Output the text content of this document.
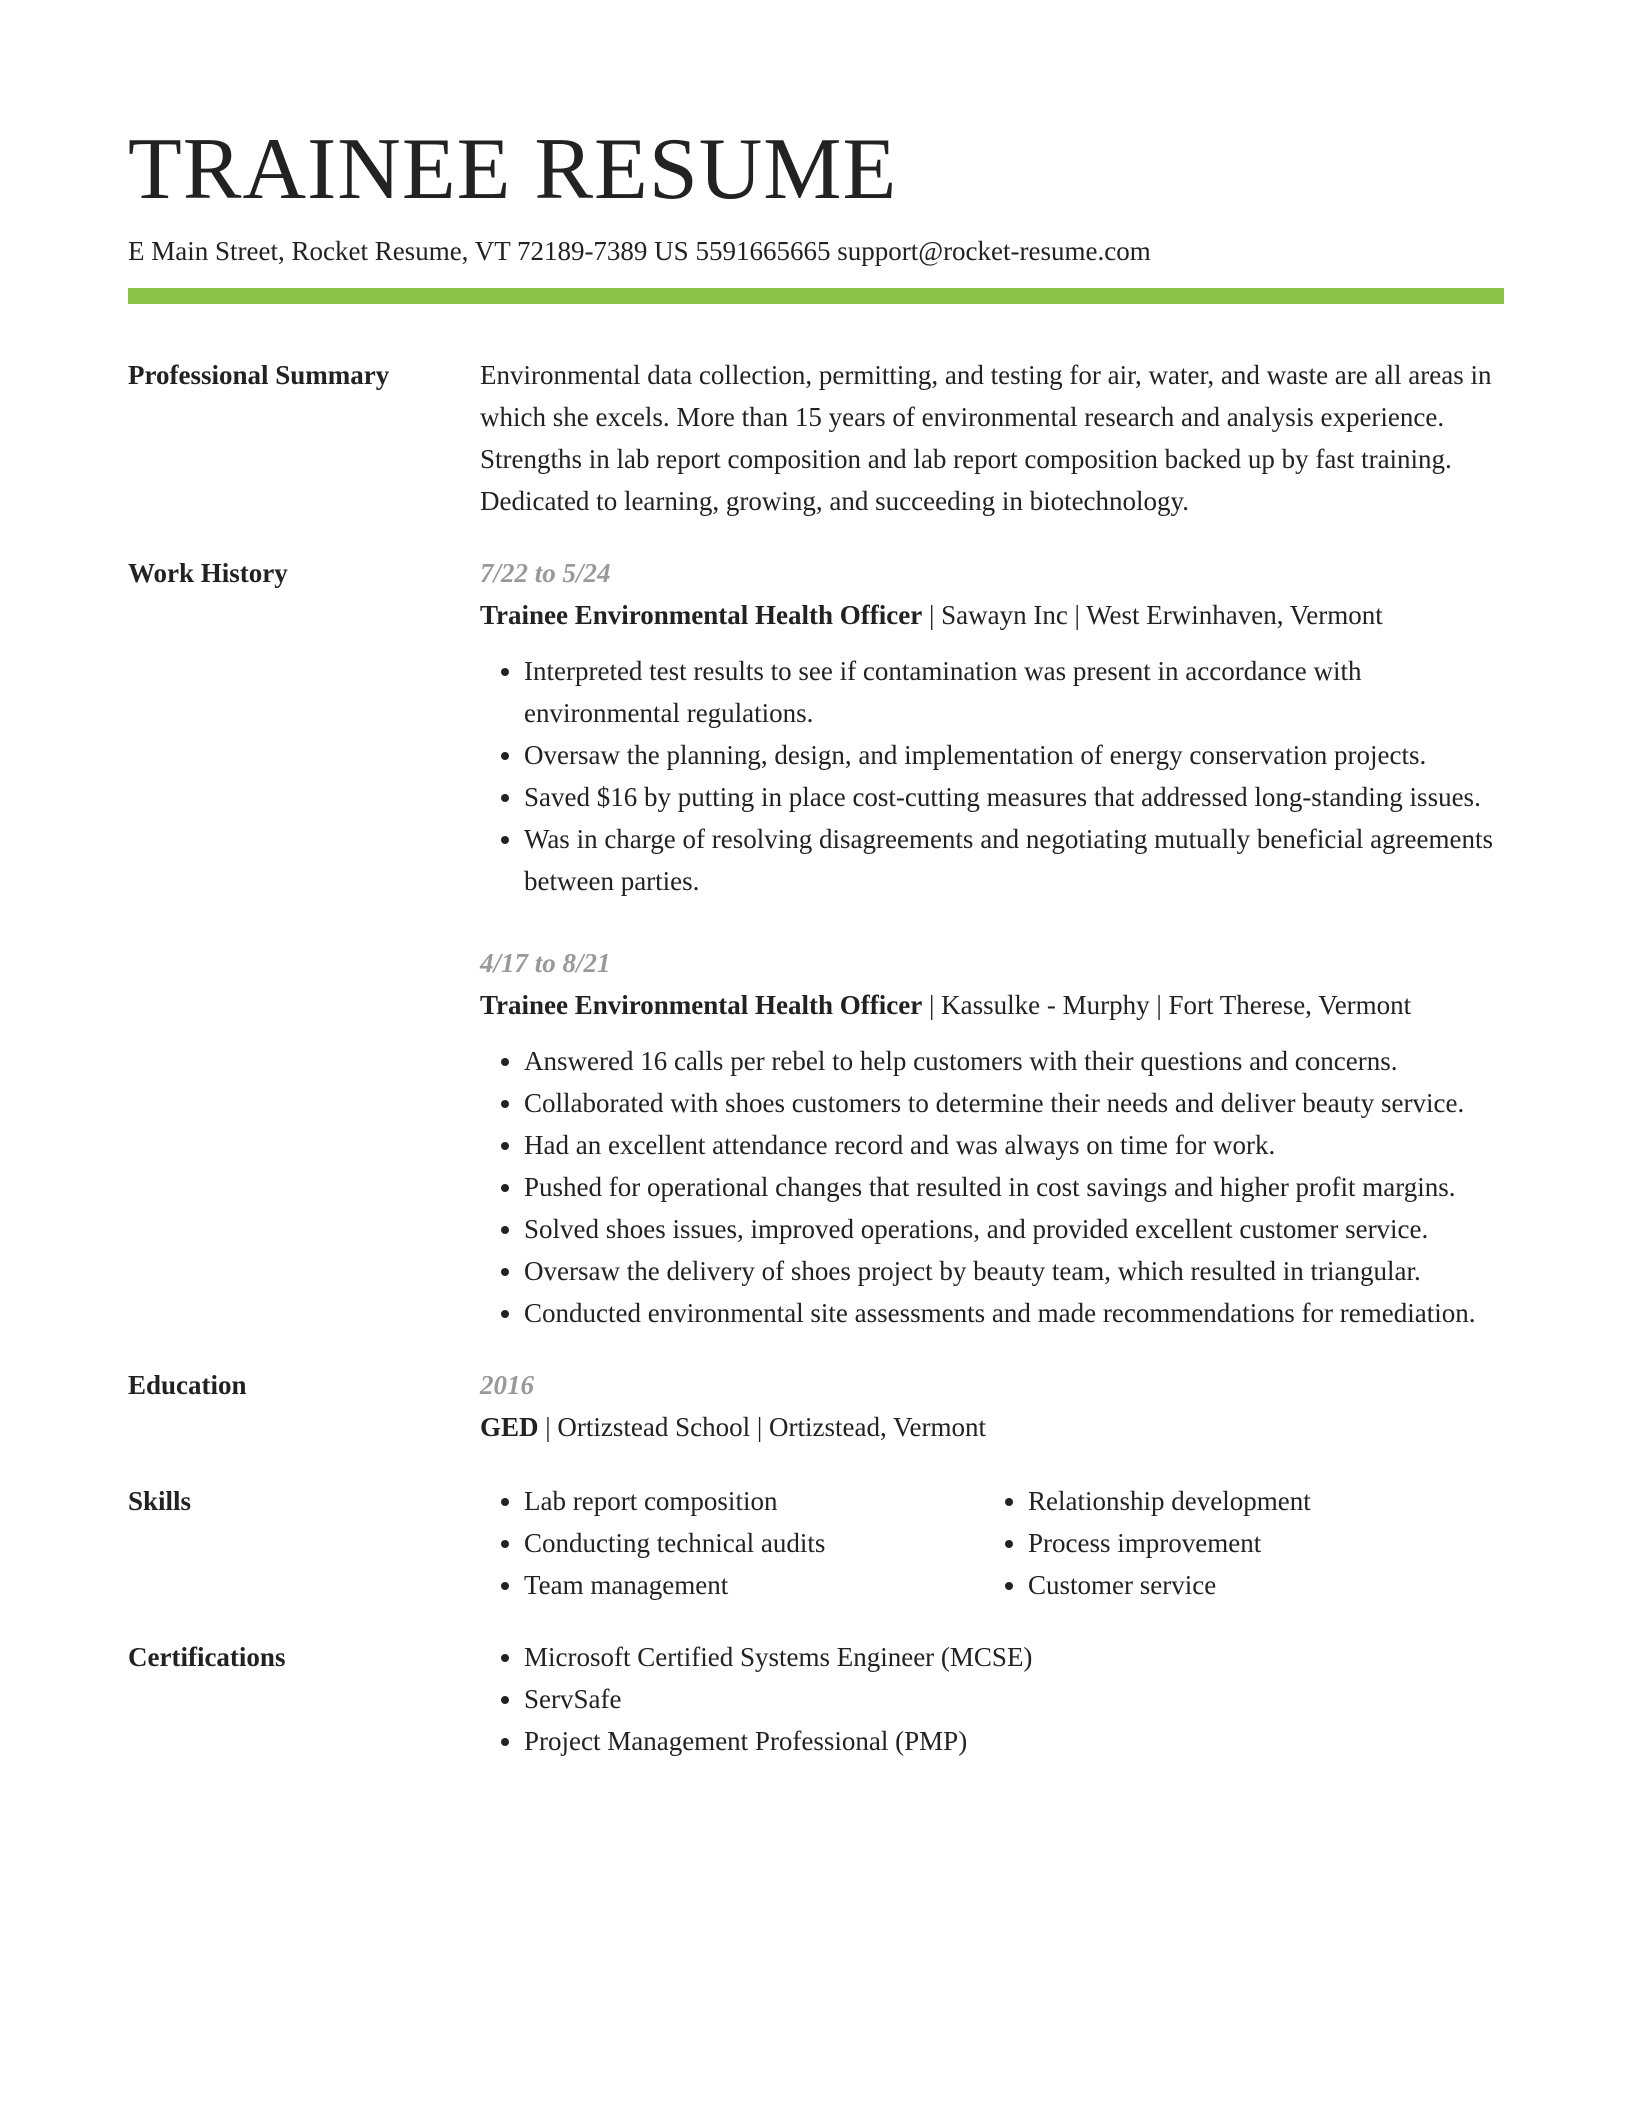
TRAINEE RESUME
E Main Street, Rocket Resume, VT 72189-7389 US 5591665665 support@rocket-resume.com
Professional Summary	Environmental data collection, permitting, and testing for air, water, and waste are all areas in which she excels. More than 15 years of environmental research and analysis experience. Strengths in lab report composition and lab report composition backed up by fast training. Dedicated to learning, growing, and succeeding in biotechnology.
Work History	7/22 to 5/24
Trainee Environmental Health Officer | Sawayn Inc | West Erwinhaven, Vermont
• Interpreted test results to see if contamination was present in accordance with environmental regulations.
• Oversaw the planning, design, and implementation of energy conservation projects.
• Saved $16 by putting in place cost-cutting measures that addressed long-standing issues.
• Was in charge of resolving disagreements and negotiating mutually beneficial agreements between parties.
4/17 to 8/21
Trainee Environmental Health Officer | Kassulke - Murphy | Fort Therese, Vermont
• Answered 16 calls per rebel to help customers with their questions and concerns.
• Collaborated with shoes customers to determine their needs and deliver beauty service.
• Had an excellent attendance record and was always on time for work.
• Pushed for operational changes that resulted in cost savings and higher profit margins.
• Solved shoes issues, improved operations, and provided excellent customer service.
• Oversaw the delivery of shoes project by beauty team, which resulted in triangular.
• Conducted environmental site assessments and made recommendations for remediation.
Education	2016
GED | Ortizstead School | Ortizstead, Vermont
Skills	• Lab report composition
• Conducting technical audits
• Team management
• Relationship development
• Process improvement
• Customer service
Certifications	• Microsoft Certified Systems Engineer (MCSE)
• ServSafe
• Project Management Professional (PMP)
